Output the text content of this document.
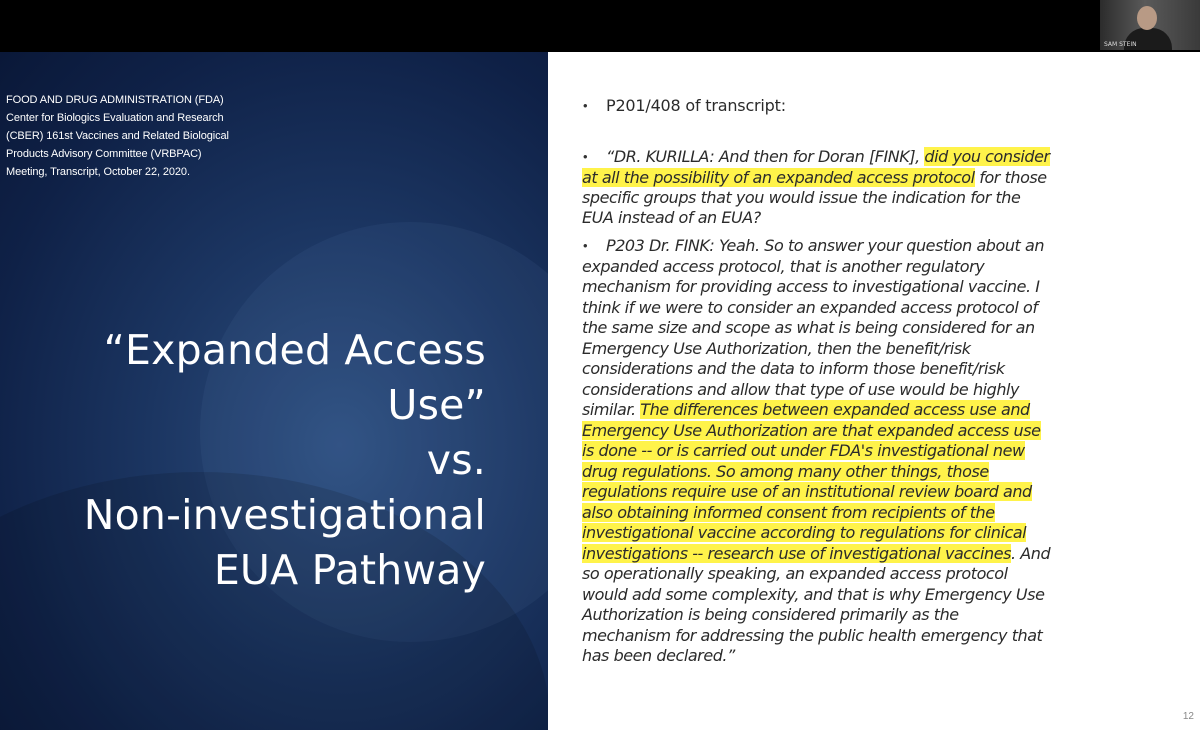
SAM STEIN
FOOD AND DRUG ADMINISTRATION (FDA)
Center for Biologics Evaluation and Research
(CBER) 161st Vaccines and Related Biological
Products Advisory Committee (VRBPAC)
Meeting, Transcript, October 22, 2020.
“Expanded Access
Use”
vs.
Non-investigational
EUA Pathway
• P201/408 of transcript:
• “DR. KURILLA: And then for Doran [FINK], did you consider
at all the possibility of an expanded access protocol for those
specific groups that you would issue the indication for the
EUA instead of an EUA?
• P203 Dr. FINK: Yeah. So to answer your question about an
expanded access protocol, that is another regulatory
mechanism for providing access to investigational vaccine. I
think if we were to consider an expanded access protocol of
the same size and scope as what is being considered for an
Emergency Use Authorization, then the benefit/risk
considerations and the data to inform those benefit/risk
considerations and allow that type of use would be highly
similar. The differences between expanded access use and
Emergency Use Authorization are that expanded access use
is done -- or is carried out under FDA's investigational new
drug regulations. So among many other things, those
regulations require use of an institutional review board and
also obtaining informed consent from recipients of the
investigational vaccine according to regulations for clinical
investigations -- research use of investigational vaccines. And
so operationally speaking, an expanded access protocol
would add some complexity, and that is why Emergency Use
Authorization is being considered primarily as the
mechanism for addressing the public health emergency that
has been declared.”
12
